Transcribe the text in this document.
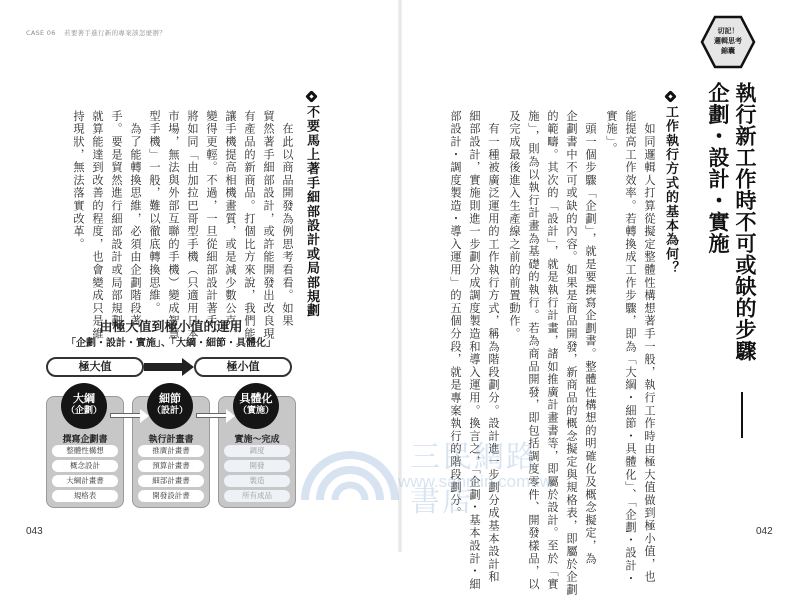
CASE 06 若要著手進行新的專案該怎麼辦？
不要馬上著手細部設計或局部規劃
　在此以商品開發為例思考看看。如果
貿然著手細部設計，或許能開發出改良現
有產品的新商品。打個比方來說，我們能
讓手機提高相機畫質，或是減少數公克，
變得更輕。不過，一旦從細部設計著手，
將如同「由加拉巴哥型手機（只適用日本
市場，無法與外部互聯的手機）變成智慧
型手機」一般，難以徹底轉換思維。
　為了能轉換思維，必須由企劃階段著
手。要是貿然進行細部設計或局部規劃，
就算能達到改善的程度，也會變成只是維
持現狀，無法落實改革。
由極大值到極小值的運用
「企劃・設計・實施」、「大綱・細節・具體化」
極大值	極小值
大綱
（企劃）
撰寫企劃書
整體性構想
概念設計
大綱計畫書
規格表
細節
（設計）
執行計畫書
推廣計畫書
預算計畫書
細部計畫書
開發設計書
具體化
（實施）
實施～完成
調度
開發
製造
所有成品
043
切記！
邏輯思考
錦囊
執行新工作時不可或缺的步驟
企劃・設計・實施
工作執行方式的基本為何？
　如同邏輯人打算從擬定整體性構想著手一般，執行工作時由極大值做到極小值，也
能提高工作效率。若轉換成工作步驟，即為「大綱・細節・具體化」、「企劃・設計・
實施」。
　頭一個步驟「企劃」，就是要撰寫企劃書。整體性構想的明確化及概念擬定，為
企劃書中不可或缺的內容。如果是商品開發，新商品的概念擬定與規格表，即屬於企劃
的範疇。其次的「設計」，就是執行計畫，諸如推廣計畫書等，即屬於設計。至於「實
施」，則為以執行計畫為基礎的執行。若為商品開發，即包括調度零件、開發樣品，以
及完成最後進入生產線之前的前置動作。
　有一種被廣泛運用的工作執行方式，稱為階段劃分。設計進一步劃分成基本設計和
細部設計，實施則進一步劃分成調度製造和導入運用。換言之，「企劃・基本設計・細
部設計・調度製造・導入運用」的五個分段，就是專案執行的階段劃分。
042
三民網路書店
www.sanmin.com.tw
